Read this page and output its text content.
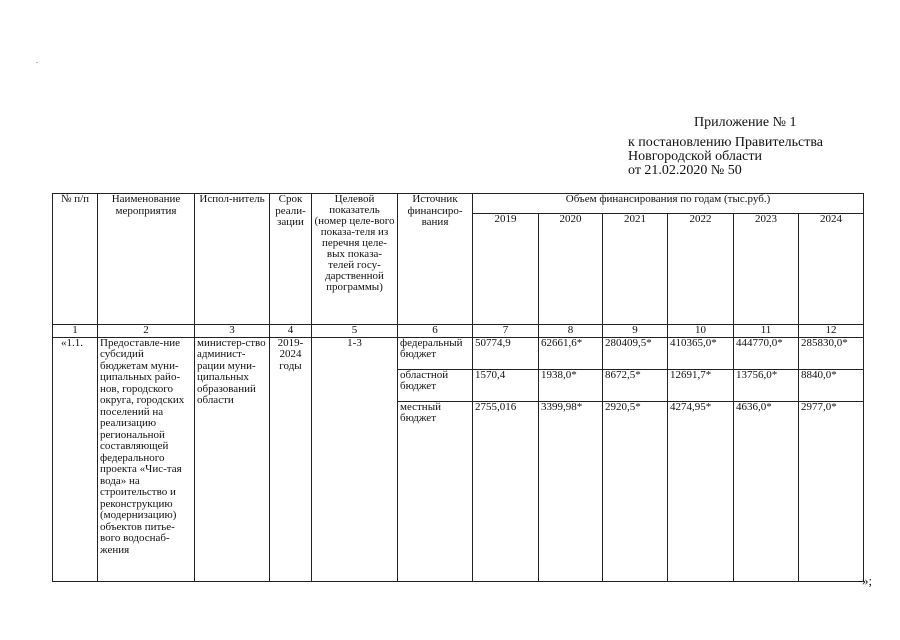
Приложение № 1
к постановлению Правительства
Новгородской области
от 21.02.2020 № 50
№ п/п	Наименование мероприятия	Испол-нитель	Срок реали-зации	Целевой показатель (номер целе-вого показа-теля из перечня целе-вых показа-телей госу-дарственной программы)	Источник финансиро-вания	Объем финансирования по годам (тыс.руб.)					
						2019	2020	2021	2022	2023	2024
1	2	3	4	5	6	7	8	9	10	11	12
«1.1.	Предоставле-ние субсидий бюджетам муни-ципальных райо-нов, городского округа, городских поселений на реализацию региональной составляющей федерального проекта «Чис-тая вода» на строительство и реконструкцию (модернизацию) объектов питье-вого водоснаб-жения	министер-ство админист-рации муни-ципальных образований области	2019-2024 годы	1-3	федеральный бюджет	50774,9	62661,6*	280409,5*	410365,0*	444770,0*	285830,0*
					областной бюджет	1570,4	1938,0*	8672,5*	12691,7*	13756,0*	8840,0*
					местный бюджет	2755,016	3399,98*	2920,5*	4274,95*	4636,0*	2977,0*
»;
